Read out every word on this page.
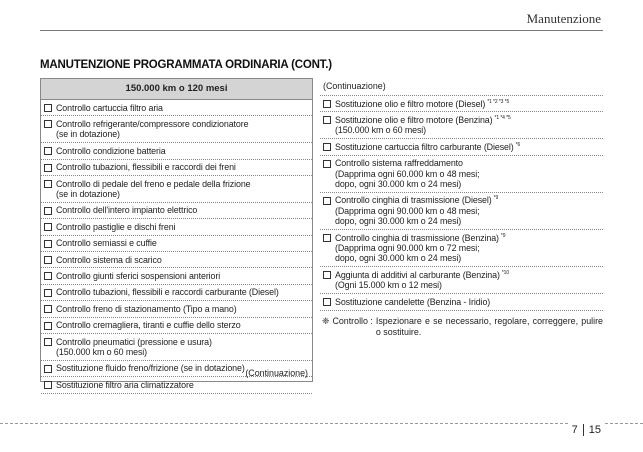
Manutenzione
MANUTENZIONE PROGRAMMATA ORDINARIA (CONT.)
150.000 km o 120 mesi
Controllo cartuccia filtro aria
Controllo refrigerante/compressore condizionatore
(se in dotazione)
Controllo condizione batteria
Controllo tubazioni, flessibili e raccordi dei freni
Controllo di pedale del freno e pedale della frizione
(se in dotazione)
Controllo dell'intero impianto elettrico
Controllo pastiglie e dischi freni
Controllo semiassi e cuffie
Controllo sistema di scarico
Controllo giunti sferici sospensioni anteriori
Controllo tubazioni, flessibili e raccordi carburante (Diesel)
Controllo freno di stazionamento (Tipo a mano)
Controllo cremagliera, tiranti e cuffie dello sterzo
Controllo pneumatici (pressione e usura)
(150.000 km o 60 mesi)
Sostituzione fluido freno/frizione (se in dotazione)
Sostituzione filtro aria climatizzatore
(Continuazione)
(Continuazione)
Sostituzione olio e filtro motore (Diesel) $^{*1 *2 *3 *5}$
Sostituzione olio e filtro motore (Benzina) $^{*1 *4 *5}$
(150.000 km o 60 mesi)
Sostituzione cartuccia filtro carburante (Diesel) $^{*6}$
Controllo sistema raffreddamento
(Dapprima ogni 60.000 km o 48 mesi;
dopo, ogni 30.000 km o 24 mesi)
Controllo cinghia di trasmissione (Diesel) $^{*9}$
(Dapprima ogni 90.000 km o 48 mesi;
dopo, ogni 30.000 km o 24 mesi)
Controllo cinghia di trasmissione (Benzina) $^{*9}$
(Dapprima ogni 90.000 km o 72 mesi;
dopo, ogni 30.000 km o 24 mesi)
Aggiunta di additivi al carburante (Benzina) $^{*10}$
(Ogni 15.000 km o 12 mesi)
Sostituzione candelette (Benzina - Iridio)
❈ Controllo : Ispezionare e se necessario, regolare, correggere, pulire o sostituire.
7	15
